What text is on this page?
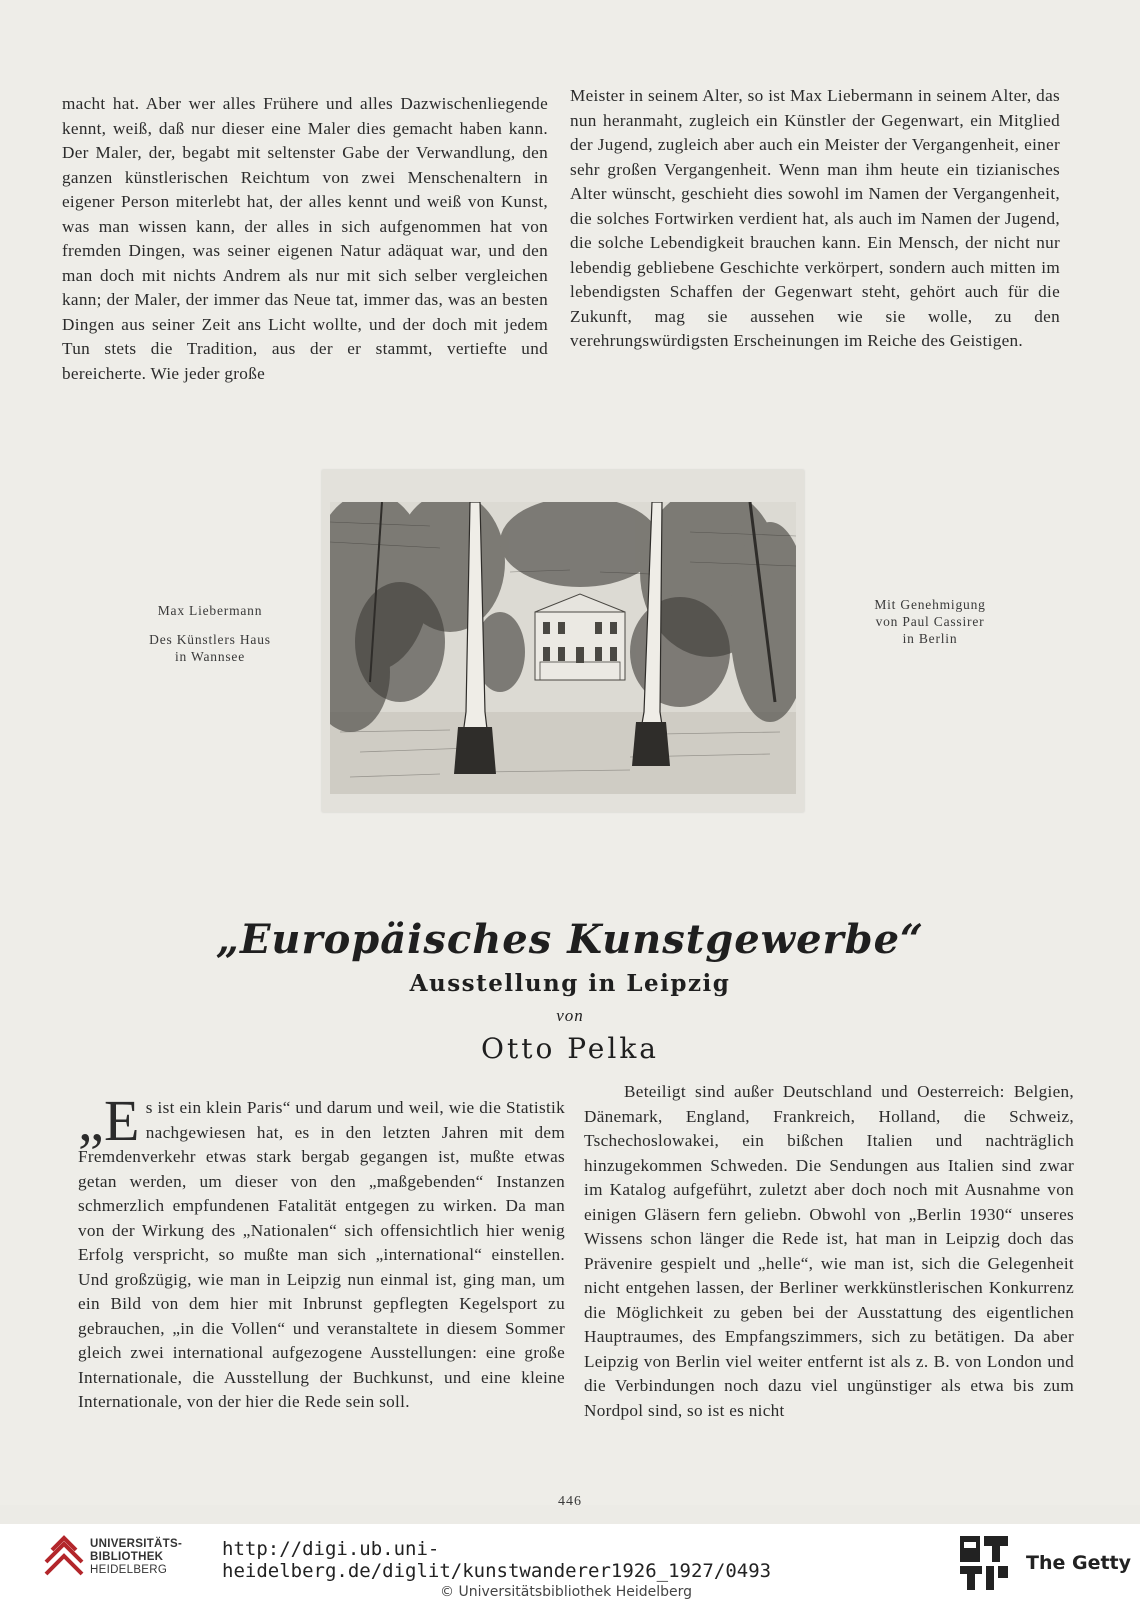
macht hat. Aber wer alles Frühere und alles Dazwischenliegende kennt, weiß, daß nur dieser eine Maler dies gemacht haben kann. Der Maler, der, begabt mit seltenster Gabe der Verwandlung, den ganzen künstlerischen Reichtum von zwei Menschenaltern in eigener Person miterlebt hat, der alles kennt und weiß von Kunst, was man wissen kann, der alles in sich aufgenommen hat von fremden Dingen, was seiner eigenen Natur adäquat war, und den man doch mit nichts Andrem als nur mit sich selber vergleichen kann; der Maler, der immer das Neue tat, immer das, was an besten Dingen aus seiner Zeit ans Licht wollte, und der doch mit jedem Tun stets die Tradition, aus der er stammt, vertiefte und bereicherte. Wie jeder große

Meister in seinem Alter, so ist Max Liebermann in seinem Alter, das nun heranmaht, zugleich ein Künstler der Gegenwart, ein Mitglied der Jugend, zugleich aber auch ein Meister der Vergangenheit, einer sehr großen Vergangenheit. Wenn man ihm heute ein tizianisches Alter wünscht, geschieht dies sowohl im Namen der Vergangenheit, die solches Fortwirken verdient hat, als auch im Namen der Jugend, die solche Lebendigkeit brauchen kann. Ein Mensch, der nicht nur lebendig gebliebene Geschichte verkörpert, sondern auch mitten im lebendigsten Schaffen der Gegenwart steht, gehört auch für die Zukunft, mag sie aussehen wie sie wolle, zu den verehrungswürdigsten Erscheinungen im Reiche des Geistigen.

Max Liebermann
Des Künstlers Haus
in Wannsee
Mit Genehmigung
von Paul Cassirer
in Berlin
„Europäisches Kunstgewerbe“
Ausstellung in Leipzig
von
Otto Pelka

„E s ist ein klein Paris“ und darum und weil, wie die Statistik nachgewiesen hat, es in den letzten Jahren mit dem Fremdenverkehr etwas stark bergab gegangen ist, mußte etwas getan werden, um dieser von den „maßgebenden“ Instanzen schmerzlich empfundenen Fatalität entgegen zu wirken. Da man von der Wirkung des „Nationalen“ sich offensichtlich hier wenig Erfolg verspricht, so mußte man sich „international“ einstellen. Und großzügig, wie man in Leipzig nun einmal ist, ging man, um ein Bild von dem hier mit Inbrunst gepflegten Kegelsport zu gebrauchen, „in die Vollen“ und veranstaltete in diesem Sommer gleich zwei international aufgezogene Ausstellungen: eine große Internationale, die Ausstellung der Buchkunst, und eine kleine Internationale, von der hier die Rede sein soll.

Beteiligt sind außer Deutschland und Oesterreich: Belgien, Dänemark, England, Frankreich, Holland, die Schweiz, Tschechoslowakei, ein bißchen Italien und nachträglich hinzugekommen Schweden. Die Sendungen aus Italien sind zwar im Katalog aufgeführt, zuletzt aber doch noch mit Ausnahme von einigen Gläsern fern geliebn. Obwohl von „Berlin 1930“ unseres Wissens schon länger die Rede ist, hat man in Leipzig doch das Prävenire gespielt und „helle“, wie man ist, sich die Gelegenheit nicht entgehen lassen, der Berliner werkkünstlerischen Konkurrenz die Möglichkeit zu geben bei der Ausstattung des eigentlichen Hauptraumes, des Empfangszimmers, sich zu betätigen. Da aber Leipzig von Berlin viel weiter entfernt ist als z. B. von London und die Verbindungen noch dazu viel ungünstiger als etwa bis zum Nordpol sind, so ist es nicht

446
UNIVERSITÄTS-
BIBLIOTHEK
HEIDELBERG
http://digi.ub.uni-heidelberg.de/diglit/kunstwanderer1926_1927/0493
© Universitätsbibliothek Heidelberg
The Getty
